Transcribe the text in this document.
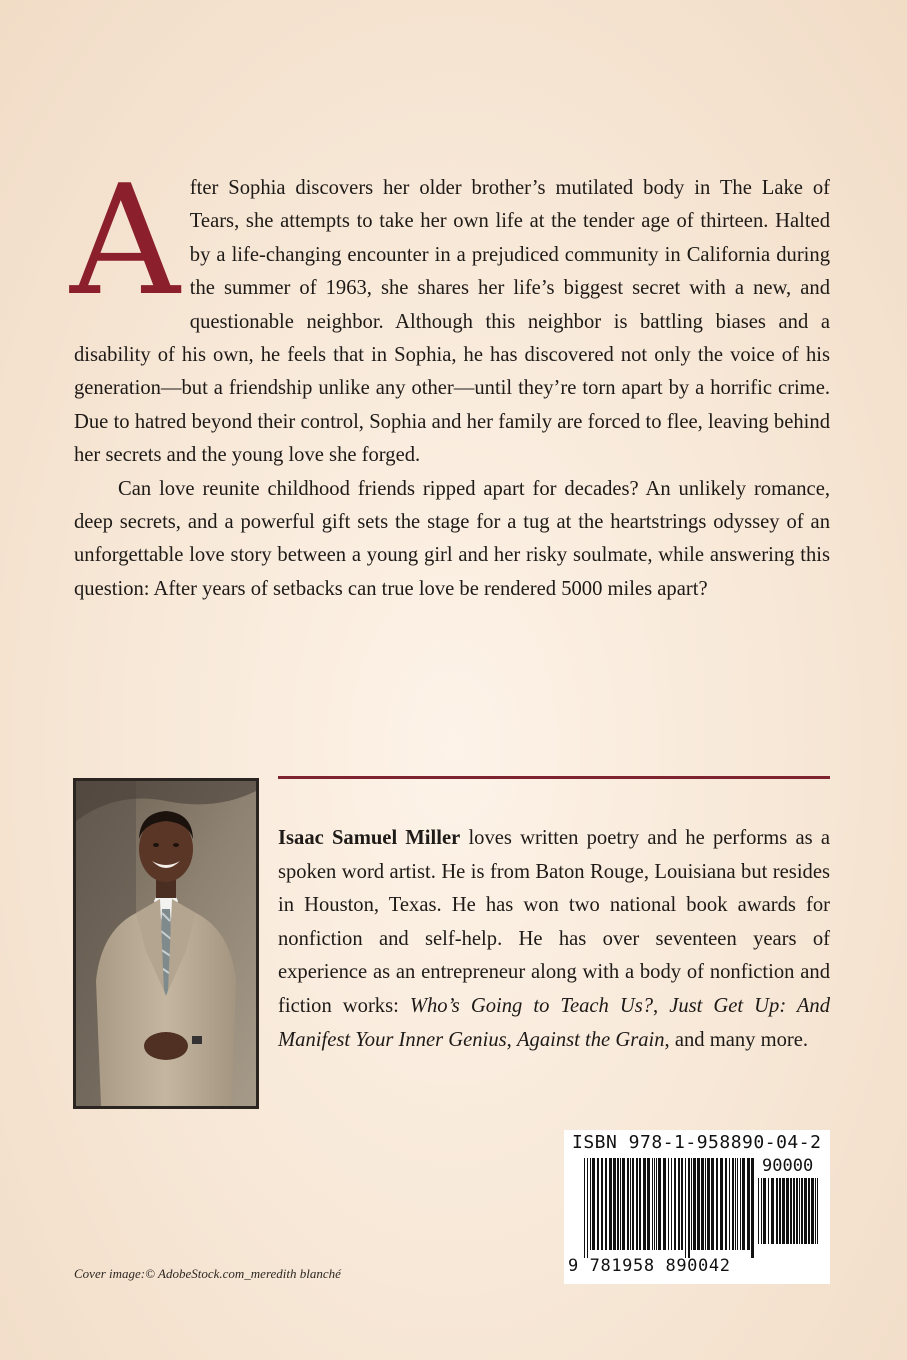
After Sophia discovers her older brother’s mutilated body in The Lake of Tears, she attempts to take her own life at the tender age of thirteen. Halted by a life-changing encounter in a prejudiced community in California during the summer of 1963, she shares her life’s biggest secret with a new, and questionable neighbor. Although this neighbor is battling biases and a disability of his own, he feels that in Sophia, he has discovered not only the voice of his generation—but a friendship unlike any other—until they’re torn apart by a horrific crime. Due to hatred beyond their control, Sophia and her family are forced to flee, leaving behind her secrets and the young love she forged.

Can love reunite childhood friends ripped apart for decades? An unlikely romance, deep secrets, and a powerful gift sets the stage for a tug at the heartstrings odyssey of an unforgettable love story between a young girl and her risky soulmate, while answering this question: After years of setbacks can true love be rendered 5000 miles apart?

Isaac Samuel Miller loves written poetry and he performs as a spoken word artist. He is from Baton Rouge, Louisiana but resides in Houston, Texas. He has won two national book awards for nonfiction and self-help. He has over seventeen years of experience as an entrepreneur along with a body of nonfiction and fiction works: Who’s Going to Teach Us?, Just Get Up: And Manifest Your Inner Genius, Against the Grain, and many more.
Cover image:© AdobeStock.com_meredith blanché
ISBN 978-1-958890-04-2
90000
9 781958 890042
